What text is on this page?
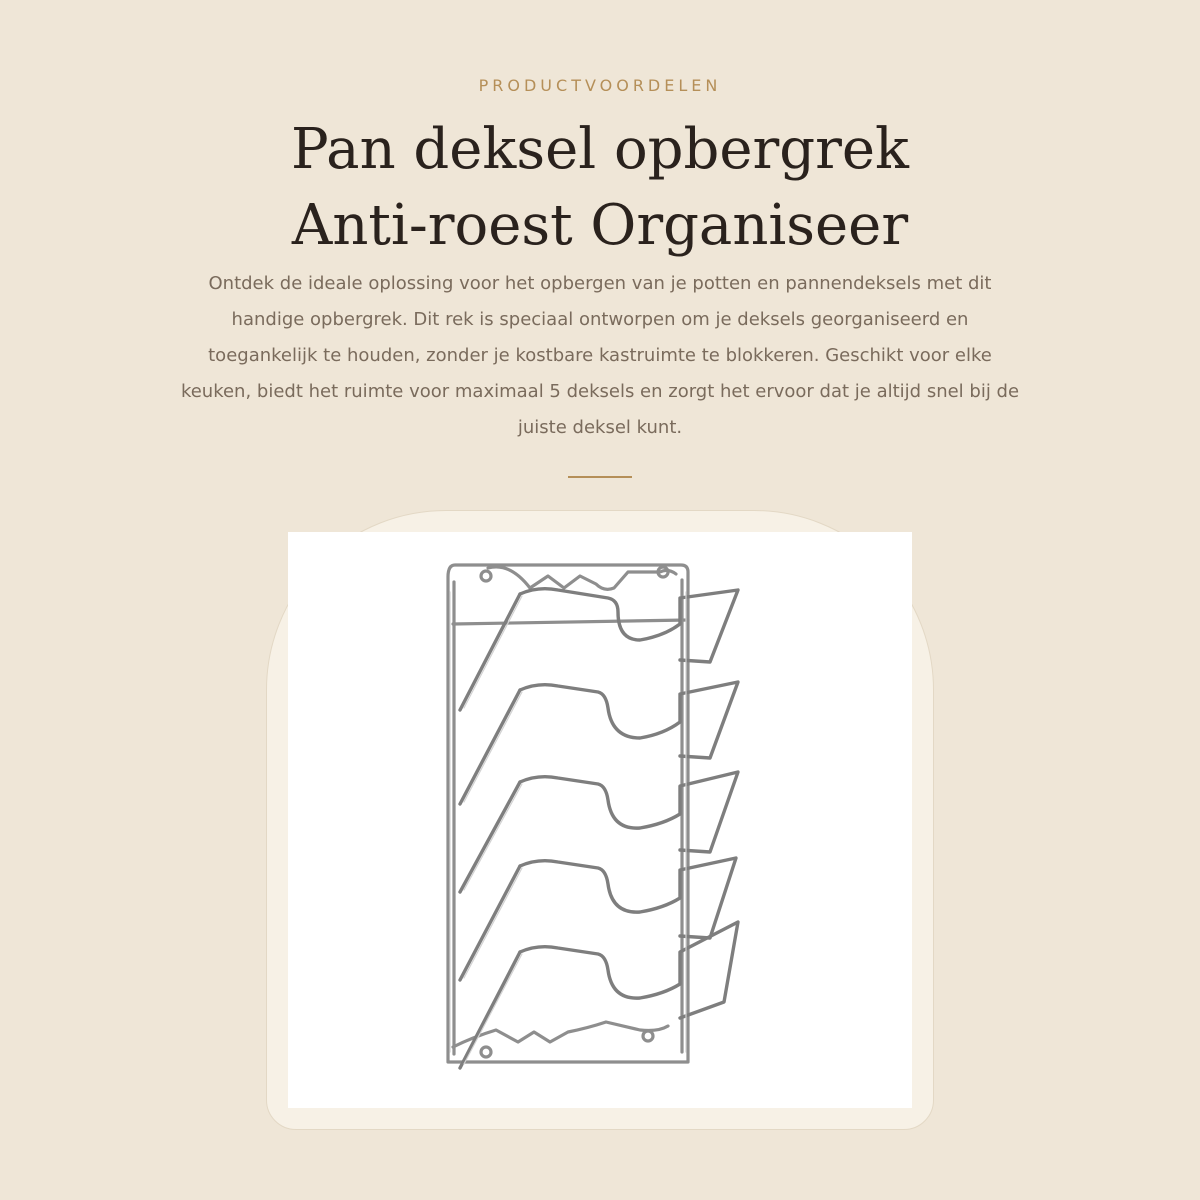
PRODUCTVOORDELEN
Pan deksel opbergrek
Anti-roest Organiseer

Ontdek de ideale oplossing voor het opbergen van je potten en pannendeksels met dit handige opbergrek. Dit rek is speciaal ontworpen om je deksels georganiseerd en toegankelijk te houden, zonder je kostbare kastruimte te blokkeren. Geschikt voor elke keuken, biedt het ruimte voor maximaal 5 deksels en zorgt het ervoor dat je altijd snel bij de juiste deksel kunt.
